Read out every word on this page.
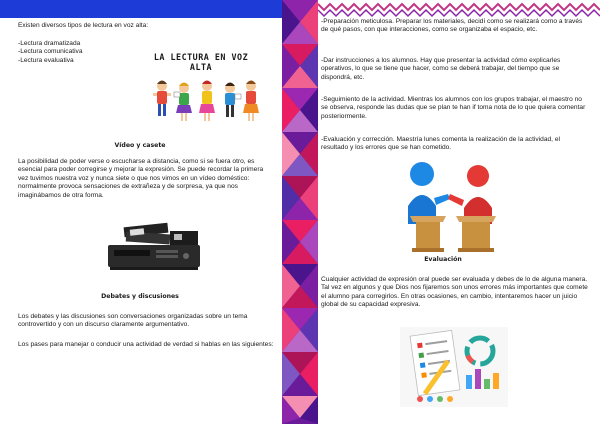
Existen diversos tipos de lectura en voz alta:

-Lectura dramatizada
-Lectura comunicativa
-Lectura evaluativa	LA LECTURA EN VOZ ALTA
Vídeo y casete

La posibilidad de poder verse o escucharse a distancia, como si se fuera otro, es esencial para poder corregirse y mejorar la expresión. Se puede recordar la primera vez tuvimos nuestra voz y nunca siete o que nos vimos en un vídeo doméstico: normalmente provoca sensaciones de extrañeza y de sorpresa, ya que nos imaginábamos de otra forma.

Debates y discusiones

Los debates y las discusiones son conversaciones organizadas sobre un tema controvertido y con un discurso claramente argumentativo.

Los pases para manejar o conducir una actividad de verdad si hablas en las siguientes:

-Preparación meticulosa. Preparar los materiales, decidí como se realizará como a través de qué pasos, con que interacciones, como se organizaba el espacio, etc.

-Dar instrucciones a los alumnos. Hay que presentar la actividad cómo explicarles operativos, lo que se tiene que hacer, como se deberá trabajar, del tiempo que se dispondrá, etc.

-Seguimiento de la actividad. Mientras los alumnos con los grupos trabajar, el maestro no se observa, responde las dudas que se plan te han if toma nota de lo que quiera comentar posteriormente.

-Evaluación y corrección. Maestría lunes comenta la realización de la actividad, el resultado y los errores que se han cometido.

Evaluación

Cualquier actividad de expresión oral puede ser evaluada y debes de lo de alguna manera. Tal vez en algunos y que Dios nos fijaremos son unos errores más importantes que comete el alumno para corregirlos. En otras ocasiones, en cambio, intentaremos hacer un juicio global de su capacidad expresiva.
